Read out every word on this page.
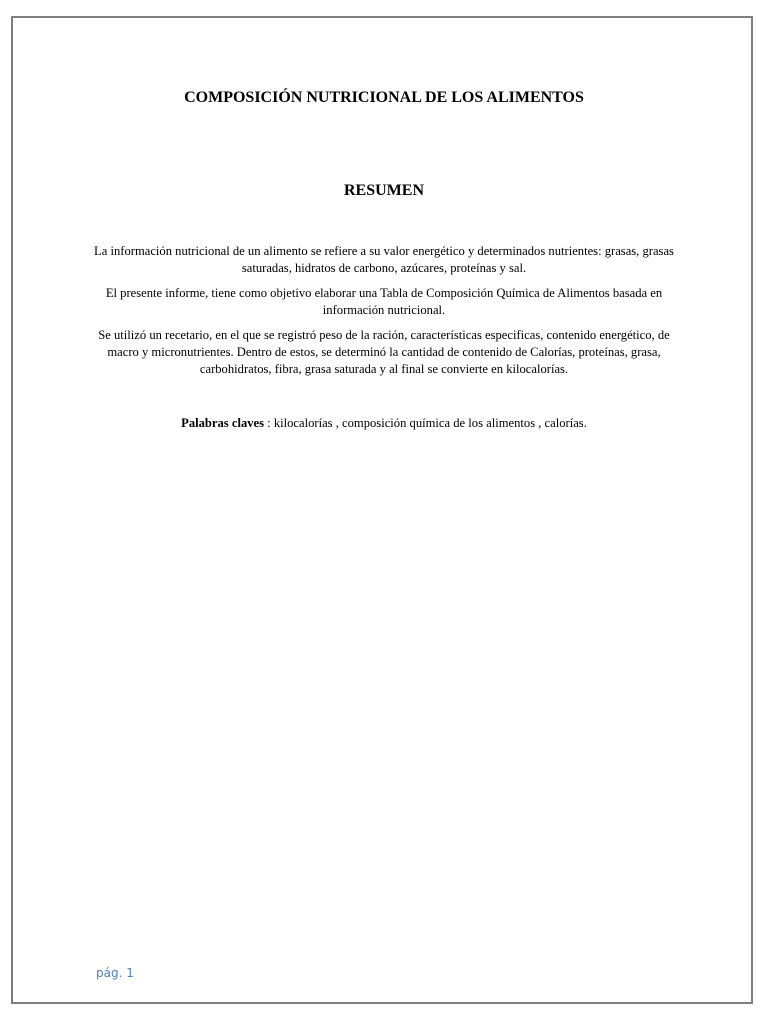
COMPOSICIÓN NUTRICIONAL DE LOS ALIMENTOS
RESUMEN

La información nutricional de un alimento se refiere a su valor energético y determinados nutrientes: grasas, grasas saturadas, hidratos de carbono, azúcares, proteínas y sal.

El presente informe, tiene como objetivo elaborar una Tabla de Composición Química de Alimentos basada en información nutricional.

Se utilizó un recetario, en el que se registró peso de la ración, características especificas, contenido energético, de macro y micronutrientes. Dentro de estos, se determinó la cantidad de contenido de Calorías, proteínas, grasa, carbohidratos, fibra, grasa saturada y al final se convierte en kilocalorías.

Palabras claves : kilocalorías , composición química de los alimentos , calorías.

pág. 1
